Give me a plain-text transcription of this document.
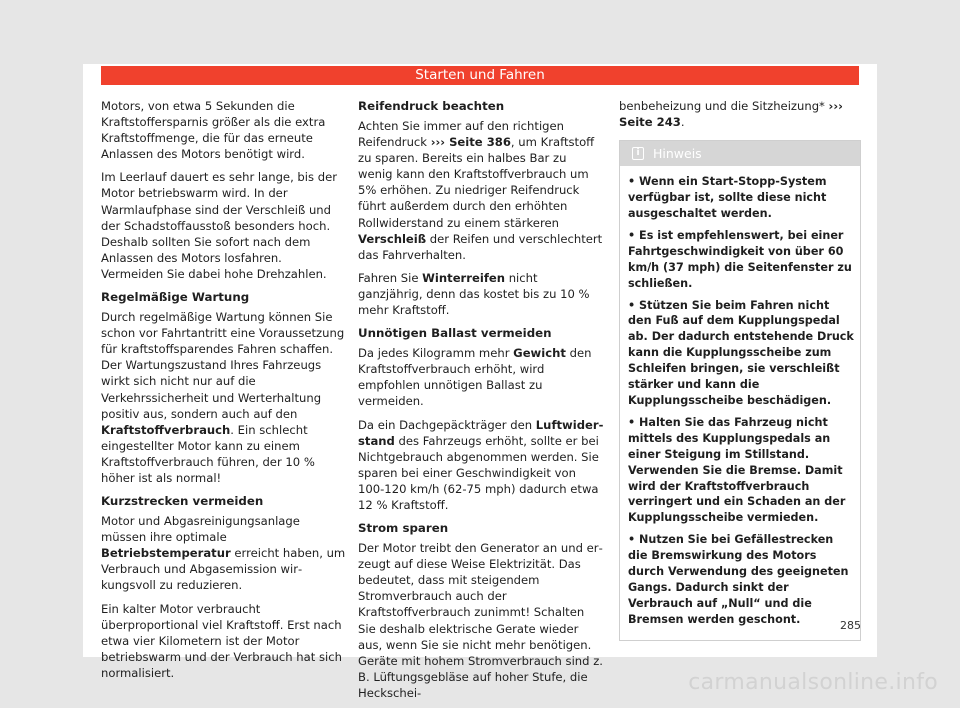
Starten und Fahren

Motors, von etwa 5 Sekunden die Kraftstoffersparnis größer als die extra Kraftstoffmenge, die für das erneute Anlassen des Motors benötigt wird.

Im Leerlauf dauert es sehr lange, bis der Motor betriebswarm wird. In der Warmlaufphase sind der Verschleiß und der Schadstoffausstoß besonders hoch. Deshalb sollten Sie sofort nach dem Anlassen des Motors losfahren. Vermeiden Sie dabei hohe Drehzahlen.

Regelmäßige Wartung

Durch regelmäßige Wartung können Sie schon vor Fahrtantritt eine Voraussetzung für kraftstoffsparendes Fahren schaffen. Der Wartungszustand Ihres Fahrzeugs wirkt sich nicht nur auf die Verkehrssicherheit und Werterhaltung positiv aus, sondern auch auf den Kraftstoffverbrauch. Ein schlecht eingestellter Motor kann zu einem Kraftstoffverbrauch führen, der 10 % höher ist als normal!

Kurzstrecken vermeiden

Motor und Abgasreinigungsanlage müssen ihre optimale Betriebstemperatur erreicht haben, um Verbrauch und Abgasemission wirkungsvoll zu reduzieren.

Ein kalter Motor verbraucht überproportional viel Kraftstoff. Erst nach etwa vier Kilometern ist der Motor betriebswarm und der Verbrauch hat sich normalisiert.

Reifendruck beachten

Achten Sie immer auf den richtigen Reifendruck ››› Seite 386, um Kraftstoff zu sparen. Bereits ein halbes Bar zu wenig kann den Kraftstoffverbrauch um 5% erhöhen. Zu niedriger Reifendruck führt außerdem durch den erhöhten Rollwiderstand zu einem stärkeren Verschleiß der Reifen und verschlechtert das Fahrverhalten.

Fahren Sie Winterreifen nicht ganzjährig, denn das kostet bis zu 10 % mehr Kraftstoff.

Unnötigen Ballast vermeiden

Da jedes Kilogramm mehr Gewicht den Kraftstoffverbrauch erhöht, wird empfohlen unnötigen Ballast zu vermeiden.

Da ein Dachgepäckträger den Luftwiderstand des Fahrzeugs erhöht, sollte er bei Nichtgebrauch abgenommen werden. Sie sparen bei einer Geschwindigkeit von 100-120 km/h (62-75 mph) dadurch etwa 12 % Kraftstoff.

Strom sparen

Der Motor treibt den Generator an und erzeugt auf diese Weise Elektrizität. Das bedeutet, dass mit steigendem Stromverbrauch auch der Kraftstoffverbrauch zunimmt! Schalten Sie deshalb elektrische Gerate wieder aus, wenn Sie sie nicht mehr benötigen. Geräte mit hohem Stromverbrauch sind z. B. Lüftungsgebläse auf hoher Stufe, die Heckschei-

benbeheizung und die Sitzheizung* ››› Seite 243.

i Hinweis

• Wenn ein Start-Stopp-System verfügbar ist, sollte diese nicht ausgeschaltet werden.

• Es ist empfehlenswert, bei einer Fahrtgeschwindigkeit von über 60 km/h (37 mph) die Seitenfenster zu schließen.

• Stützen Sie beim Fahren nicht den Fuß auf dem Kupplungspedal ab. Der dadurch entstehende Druck kann die Kupplungsscheibe zum Schleifen bringen, sie verschleißt stärker und kann die Kupplungsscheibe beschädigen.

• Halten Sie das Fahrzeug nicht mittels des Kupplungspedals an einer Steigung im Stillstand. Verwenden Sie die Bremse. Damit wird der Kraftstoffverbrauch verringert und ein Schaden an der Kupplungsscheibe vermieden.

• Nutzen Sie bei Gefällestrecken die Bremswirkung des Motors durch Verwendung des geeigneten Gangs. Dadurch sinkt der Verbrauch auf „Null“ und die Bremsen werden geschont.	285
carmanualsonline.info
